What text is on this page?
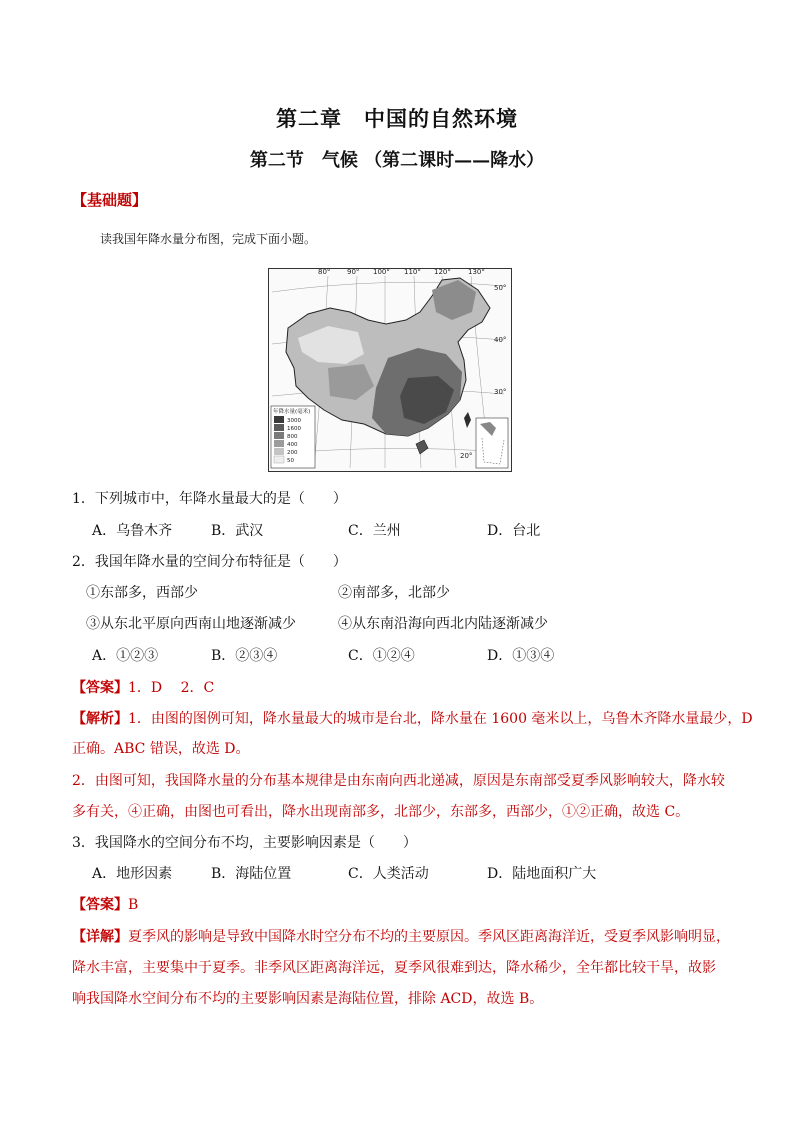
第二章　中国的自然环境
第二节　气候 （第二课时——降水）
【基础题】
读我国年降水量分布图，完成下面小题。
80° 90° 100° 110° 120° 130°
50°
40°
30°
20°
年降水量(毫米)
3000
1600
800
400
200
50
1．下列城市中，年降水量最大的是（　　）
A．乌鲁木齐	B．武汉	C．兰州	D．台北
2．我国年降水量的空间分布特征是（　　）
①东部多，西部少	②南部多，北部少
③从东北平原向西南山地逐渐减少	④从东南沿海向西北内陆逐渐减少
A．①②③	B．②③④	C．①②④	D．①③④
【答案】1．D　 2．C
【解析】1．由图的图例可知，降水量最大的城市是台北，降水量在 1600 毫米以上，乌鲁木齐降水量最少，D
正确。ABC 错误，故选 D。
2．由图可知，我国降水量的分布基本规律是由东南向西北递减，原因是东南部受夏季风影响较大，降水较
多有关，④正确，由图也可看出，降水出现南部多，北部少，东部多，西部少，①②正确，故选 C。
3．我国降水的空间分布不均，主要影响因素是（　　）
A．地形因素	B．海陆位置	C．人类活动	D．陆地面积广大
【答案】B
【详解】夏季风的影响是导致中国降水时空分布不均的主要原因。季风区距离海洋近，受夏季风影响明显，
降水丰富，主要集中于夏季。非季风区距离海洋远，夏季风很难到达，降水稀少，全年都比较干旱，故影
响我国降水空间分布不均的主要影响因素是海陆位置，排除 ACD，故选 B。
